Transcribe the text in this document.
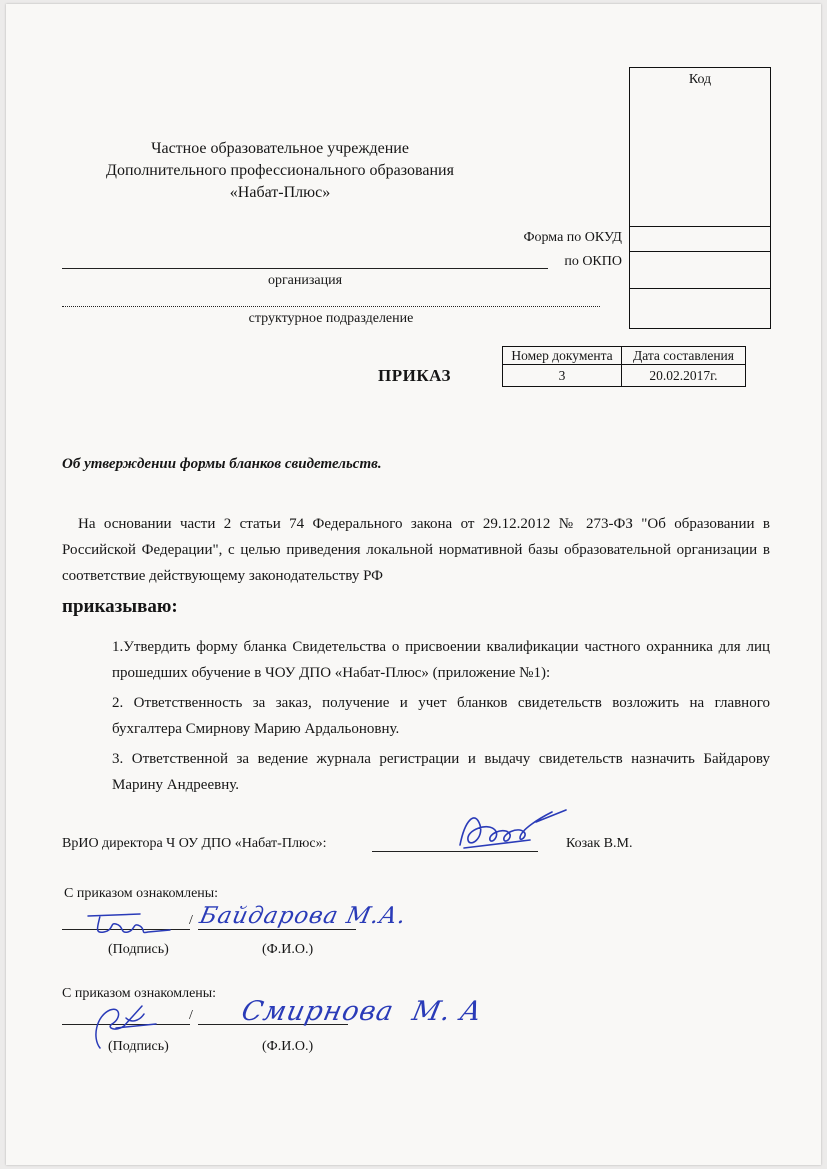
Частное образовательное учреждение
Дополнительного профессионального образования
«Набат-Плюс»
Код
Форма по ОКУД
по ОКПО
организация
структурное подразделение
Номер документа	Дата составления
3	20.02.2017г.
ПРИКАЗ
Об утверждении формы бланков свидетельств.
На основании части 2 статьи 74 Федерального закона от 29.12.2012 № 273-ФЗ "Об образовании в Российской Федерации", с целью приведения локальной нормативной базы образовательной организации в соответствие действующему законодательству РФ
приказываю:
1.Утвердить форму бланка Свидетельства о присвоении квалификации частного охранника для лиц прошедших обучение в ЧОУ ДПО «Набат-Плюс» (приложение №1):
2. Ответственность за заказ, получение и учет бланков свидетельств возложить на главного бухгалтера Смирнову Марию Ардальоновну.
3. Ответственной за ведение журнала регистрации и выдачу свидетельств назначить Байдарову Марину Андреевну.
ВрИО директора Ч ОУ ДПО «Набат-Плюс»:	Козак В.М.
С приказом ознакомлены:
/
(Подпись)	(Ф.И.О.)
Байдарова М.А.
С приказом ознакомлены:
/
(Подпись)	(Ф.И.О.)
Смирнова  М. А
